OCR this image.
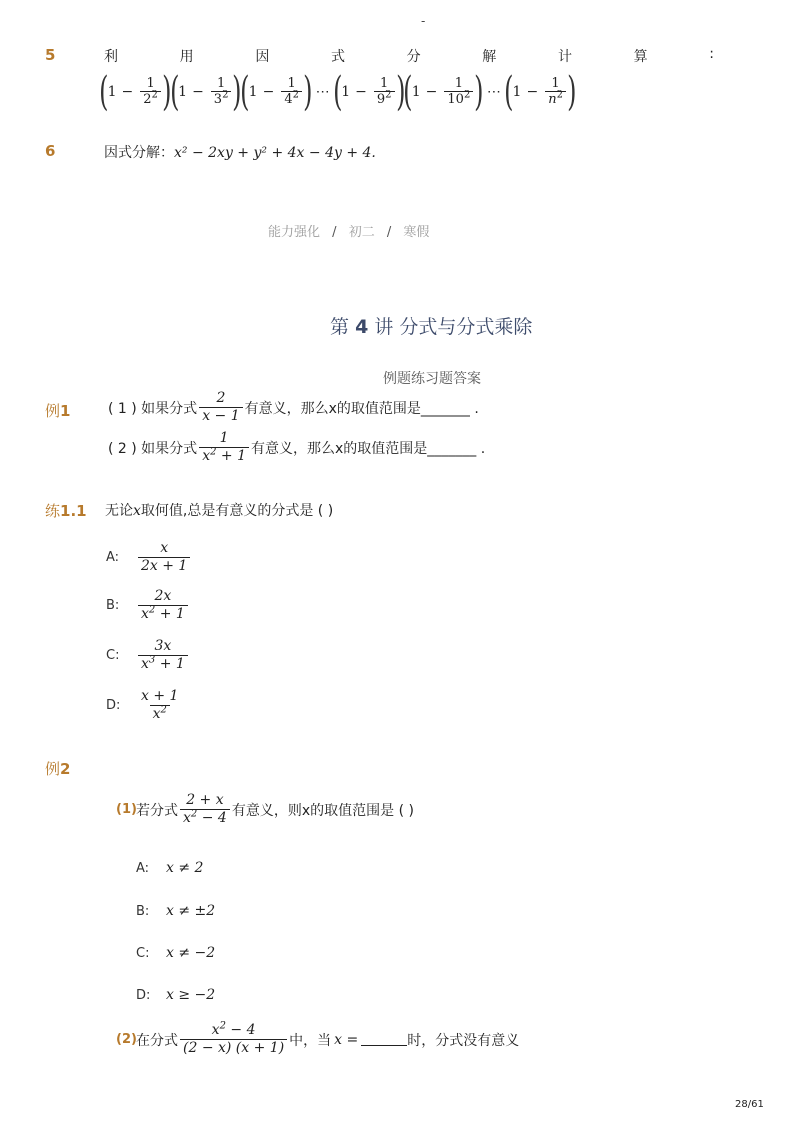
-
5	利	用	因	式	分	解	计	算	:
( $1 - \frac{1}{2^2}$ )
( $1 - \frac{1}{3^2}$ )
( $1 - \frac{1}{4^2}$ ) ⋯ ( $1 - \frac{1}{9^2}$ )
( $1 - \frac{1}{10^2}$ ) ⋯ ( $1 - \frac{1}{n^2}$ )
6	因式分解：x² − 2xy + y² + 4x − 4y + 4.
能力强化 / 初二 / 寒假
第 4 讲 分式与分式乘除
例题练习题答案
例1	( 1 ) 如果分式 $\frac{2}{x - 1}$ 有意义，那么x的取值范围是_______ .
( 2 ) 如果分式 $\frac{1}{x^2 + 1}$ 有意义，那么x的取值范围是_______ .
练1.1 无论x取何值,总是有意义的分式是 ( )
A:	$\frac{x}{2x + 1}$
B:	$\frac{2x}{x^2 + 1}$
C:	$\frac{3x}{x^3 + 1}$
D:	$\frac{x + 1}{x^2}$
例2
(1) 若分式 $\frac{2 + x}{x^2 - 4}$ 有意义，则x的取值范围是 ( )
A:	x ≠ 2
B:	x ≠ ±2
C:	x ≠ −2
D:	x ≥ −2
(2) 在分式 $\frac{x^2 - 4}{(2 - x) (x + 1)}$ 中，当 x =	时，分式没有意义
28/61
